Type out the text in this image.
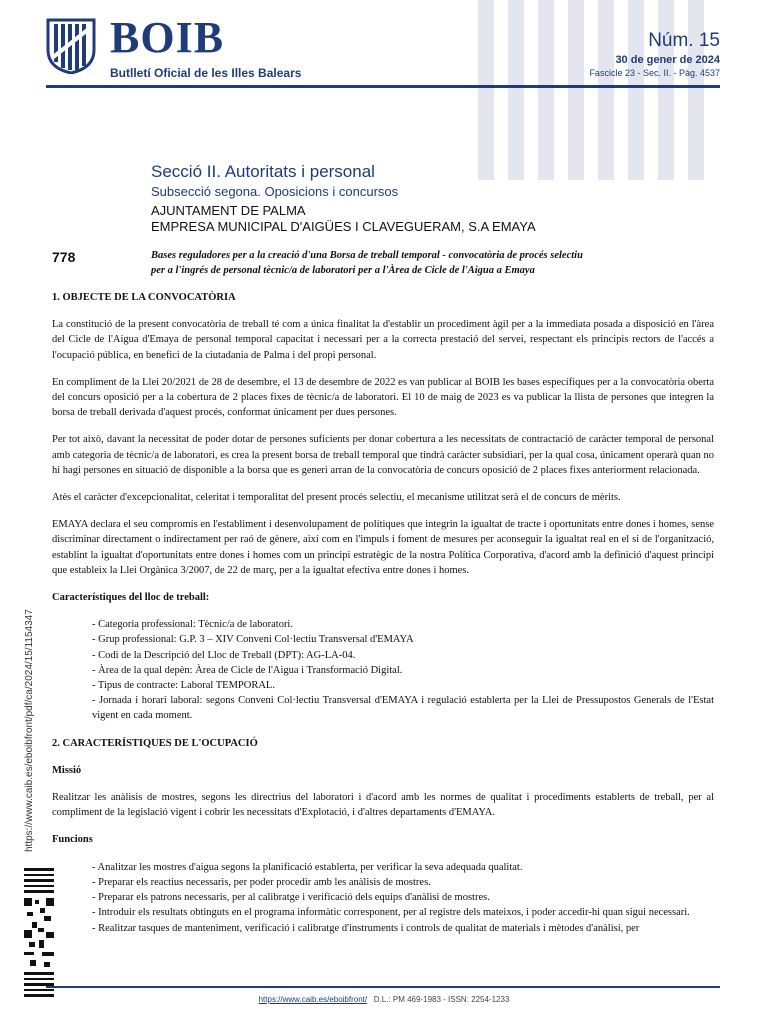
BOIB
Butlletí Oficial de les Illes Balears
Núm. 15
30 de gener de 2024
Fascicle 23 - Sec. II. - Pàg. 4537
Secció II. Autoritats i personal
Subsecció segona. Oposicions i concursos
AJUNTAMENT DE PALMA
EMPRESA MUNICIPAL D'AIGÜES I CLAVEGUERAM, S.A EMAYA
778	Bases reguladores per a la creació d'una Borsa de treball temporal - convocatòria de procés selectiu
per a l'ingrés de personal tècnic/a de laboratori per a l'Àrea de Cicle de l'Aigua a Emaya
1. OBJECTE DE LA CONVOCATÒRIA

La constitució de la present convocatòria de treball té com a única finalitat la d'establir un procediment àgil per a la immediata posada a disposició en l'àrea del Cicle de l'Aigua d'Emaya de personal temporal capacitat i necessari per a la correcta prestació del servei, respectant els principis rectors de l'accés a l'ocupació pública, en benefici de la ciutadania de Palma i del propi personal.

En compliment de la Llei 20/2021 de 28 de desembre, el 13 de desembre de 2022 es van publicar al BOIB les bases específiques per a la convocatòria oberta del concurs oposició per a la cobertura de 2 places fixes de tècnic/a de laboratori. El 10 de maig de 2023 es va publicar la llista de persones que integren la borsa de treball derivada d'aquest procés, conformat únicament per dues persones.

Per tot això, davant la necessitat de poder dotar de persones suficients per donar cobertura a les necessitats de contractació de caràcter temporal de personal amb categoria de tècnic/a de laboratori, es crea la present borsa de treball temporal que tindrà caràcter subsidiari, per la qual cosa, únicament operarà quan no hi hagi persones en situació de disponible a la borsa que es generi arran de la convocatòria de concurs oposició de 2 places fixes anteriorment relacionada.

Atès el caràcter d'excepcionalitat, celeritat i temporalitat del present procés selectiu, el mecanisme utilitzat serà el de concurs de mèrits.

EMAYA declara el seu compromís en l'establiment i desenvolupament de polítiques que integrin la igualtat de tracte i oportunitats entre dones i homes, sense discriminar directament o indirectament per raó de gènere, així com en l'impuls i foment de mesures per aconseguir la igualtat real en el si de l'organització, establint la igualtat d'oportunitats entre dones i homes com un principi estratègic de la nostra Política Corporativa, d'acord amb la definició d'aquest principi que estableix la Llei Orgànica 3/2007, de 22 de març, per a la igualtat efectiva entre dones i homes.

Característiques del lloc de treball:
- Categoria professional: Tècnic/a de laboratori.
- Grup professional: G.P. 3 – XIV Conveni Col·lectiu Transversal d'EMAYA
- Codi de la Descripció del Lloc de Treball (DPT): AG-LA-04.
- Àrea de la qual depèn: Àrea de Cicle de l'Aigua i Transformació Digital.
- Tipus de contracte: Laboral TEMPORAL.
- Jornada i horari laboral: segons Conveni Col·lectiu Transversal d'EMAYA i regulació establerta per la Llei de Pressupostos Generals de l'Estat vigent en cada moment.
2. CARACTERÍSTIQUES DE L'OCUPACIÓ
Missió

Realitzar les anàlisis de mostres, segons les directrius del laboratori i d'acord amb les normes de qualitat i procediments establerts de treball, per al compliment de la legislació vigent i cobrir les necessitats d'Explotació, i d'altres departaments d'EMAYA.

Funcions
- Analitzar les mostres d'aigua segons la planificació establerta, per verificar la seva adequada qualitat.
- Preparar els reactius necessaris, per poder procedir amb les anàlisis de mostres.
- Preparar els patrons necessaris, per al calibratge i verificació dels equips d'anàlisi de mostres.
- Introduir els resultats obtinguts en el programa informàtic corresponent, per al registre dels mateixos, i poder accedir-hi quan sigui necessari.
- Realitzar tasques de manteniment, verificació i calibratge d'instruments i controls de qualitat de materials i mètodes d'anàlisi, per
https://www.caib.es/eboibfront/pdf/ca/2024/15/1154347
https://www.caib.es/eboibfront/ D.L.: PM 469-1983 - ISSN: 2254-1233
